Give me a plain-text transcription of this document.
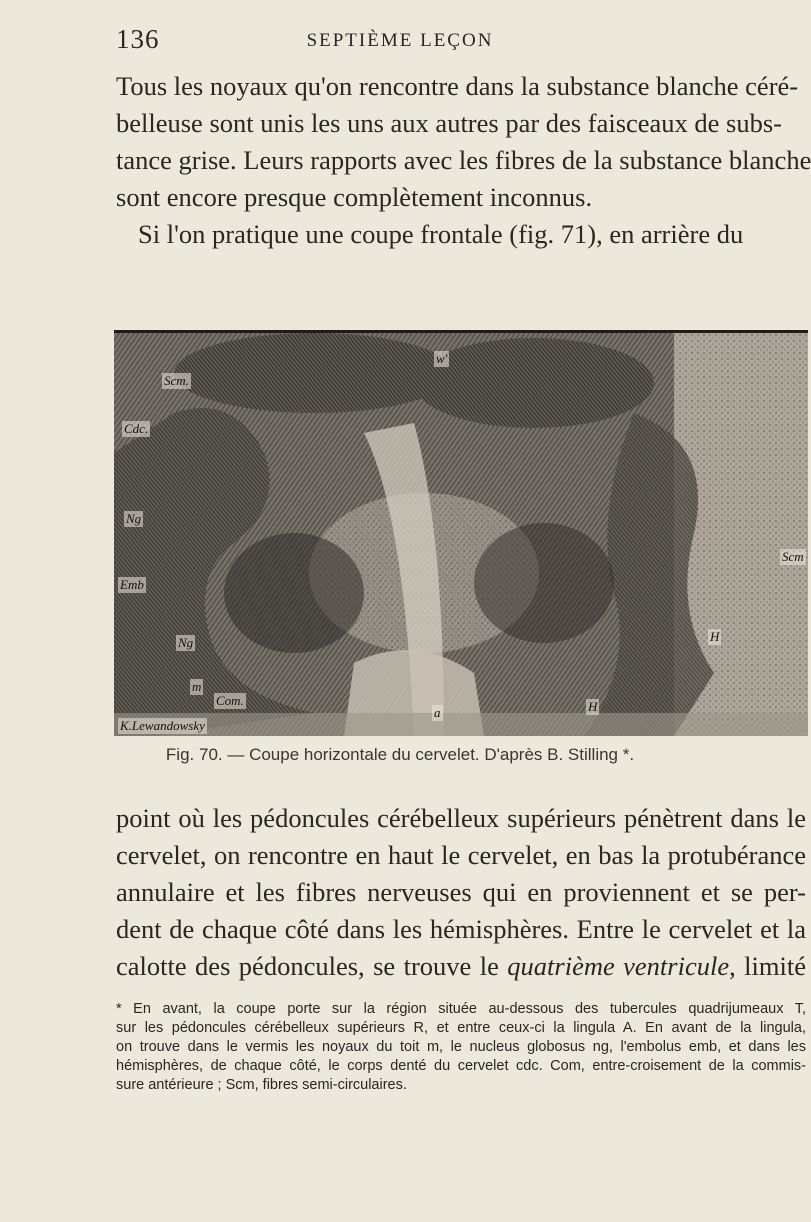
136	SEPTIÈME LEÇON
Tous les noyaux qu'on rencontre dans la substance blanche céré-
belleuse sont unis les uns aux autres par des faisceaux de subs-
tance grise. Leurs rapports avec les fibres de la substance blanche
sont encore presque complètement inconnus.
Si l'on pratique une coupe frontale (fig. 71), en arrière du
w'
Scm.
Cdc.
Ng
Emb
Ng
m
Com.
Scm
H
H
a
K.Lewandowsky
Fig. 70. — Coupe horizontale du cervelet. D'après B. Stilling *.
point où les pédoncules cérébelleux supérieurs pénètrent dans le
cervelet, on rencontre en haut le cervelet, en bas la protubérance
annulaire et les fibres nerveuses qui en proviennent et se per-
dent de chaque côté dans les hémisphères. Entre le cervelet et la
calotte des pédoncules, se trouve le quatrième ventricule, limité
* En avant, la coupe porte sur la région située au-dessous des tubercules quadrijumeaux T,
sur les pédoncules cérébelleux supérieurs R, et entre ceux-ci la lingula A. En avant de la lingula,
on trouve dans le vermis les noyaux du toit m, le nucleus globosus ng, l'embolus emb, et dans les
hémisphères, de chaque côté, le corps denté du cervelet cdc. Com, entre-croisement de la commis-
sure antérieure ; Scm, fibres semi-circulaires.
